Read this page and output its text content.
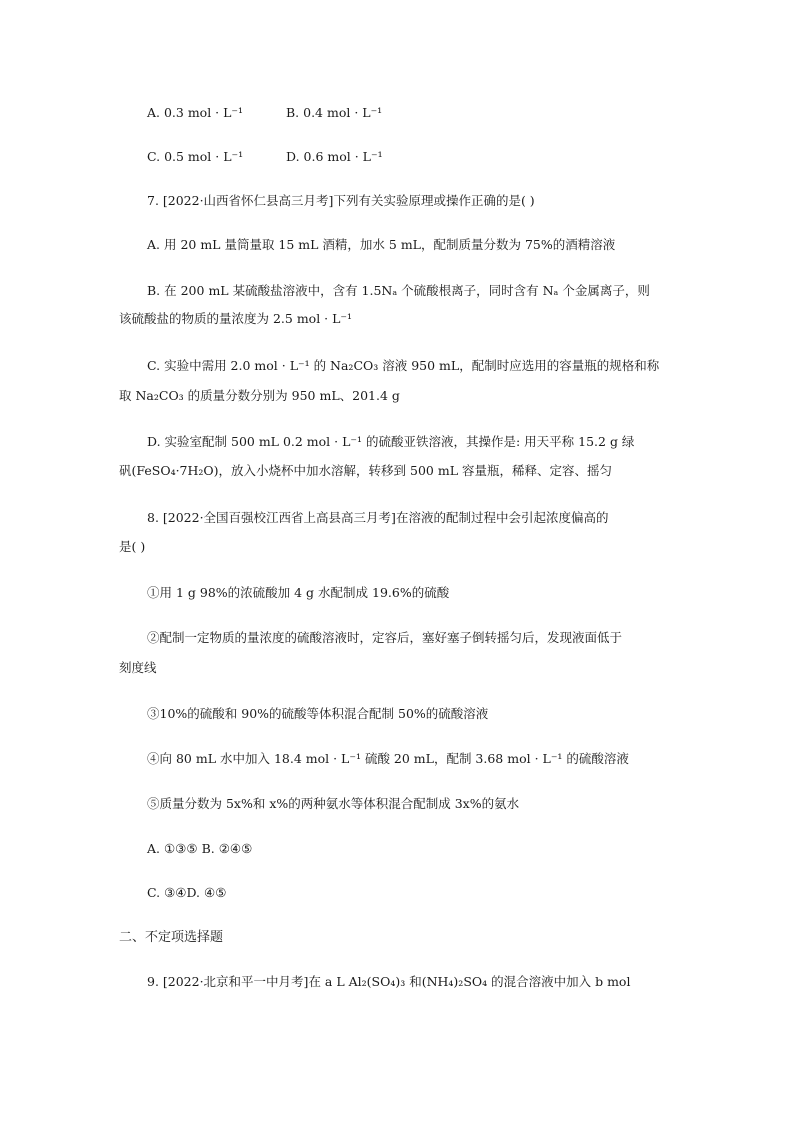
A. 0.3 mol · L⁻¹	B. 0.4 mol · L⁻¹
C. 0.5 mol · L⁻¹	D. 0.6 mol · L⁻¹
7. [2022·山西省怀仁县高三月考]下列有关实验原理或操作正确的是( )
A. 用 20 mL 量筒量取 15 mL 酒精，加水 5 mL，配制质量分数为 75%的酒精溶液
B. 在 200 mL 某硫酸盐溶液中，含有 1.5Nₐ 个硫酸根离子，同时含有 Nₐ 个金属离子，则
该硫酸盐的物质的量浓度为 2.5 mol · L⁻¹
C. 实验中需用 2.0 mol · L⁻¹ 的 Na₂CO₃ 溶液 950 mL，配制时应选用的容量瓶的规格和称
取 Na₂CO₃ 的质量分数分别为 950 mL、201.4 g
D. 实验室配制 500 mL 0.2 mol · L⁻¹ 的硫酸亚铁溶液，其操作是: 用天平称 15.2 g 绿
矾(FeSO₄·7H₂O)，放入小烧杯中加水溶解，转移到 500 mL 容量瓶，稀释、定容、摇匀
8. [2022·全国百强校江西省上高县高三月考]在溶液的配制过程中会引起浓度偏高的
是( )
①用 1 g 98%的浓硫酸加 4 g 水配制成 19.6%的硫酸
②配制一定物质的量浓度的硫酸溶液时，定容后，塞好塞子倒转摇匀后，发现液面低于
刻度线
③10%的硫酸和 90%的硫酸等体积混合配制 50%的硫酸溶液
④向 80 mL 水中加入 18.4 mol · L⁻¹ 硫酸 20 mL，配制 3.68 mol · L⁻¹ 的硫酸溶液
⑤质量分数为 5x%和 x%的两种氨水等体积混合配制成 3x%的氨水
A. ①③⑤ B. ②④⑤
C. ③④D. ④⑤
二、不定项选择题
9. [2022·北京和平一中月考]在 a L Al₂(SO₄)₃ 和(NH₄)₂SO₄ 的混合溶液中加入 b mol
